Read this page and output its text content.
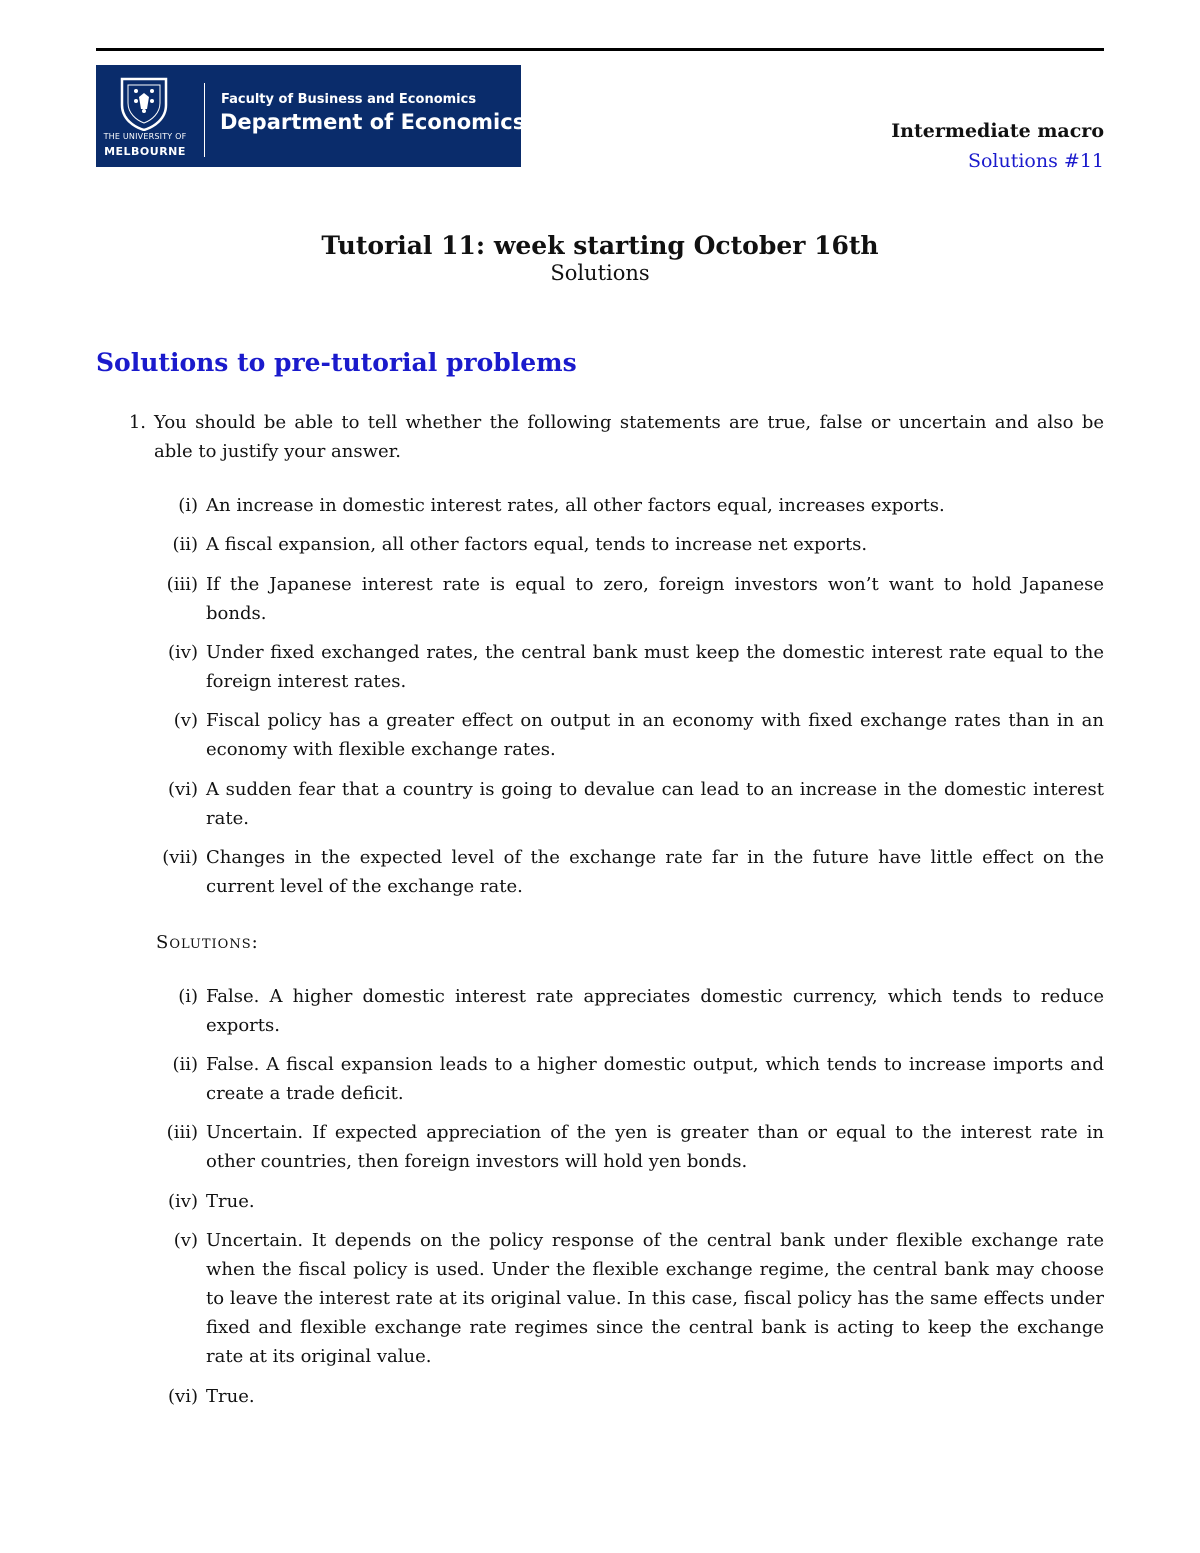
THE UNIVERSITY OF
MELBOURNE
Faculty of Business and Economics
Department of Economics	Intermediate macro
Solutions #11
Tutorial 11: week starting October 16th
Solutions
Solutions to pre-tutorial problems
1. You should be able to tell whether the following statements are true, false or uncertain and also be able to justify your answer.
(i) An increase in domestic interest rates, all other factors equal, increases exports.
(ii) A fiscal expansion, all other factors equal, tends to increase net exports.
(iii) If the Japanese interest rate is equal to zero, foreign investors won’t want to hold Japanese bonds.
(iv) Under fixed exchanged rates, the central bank must keep the domestic interest rate equal to the foreign interest rates.
(v) Fiscal policy has a greater effect on output in an economy with fixed exchange rates than in an economy with flexible exchange rates.
(vi) A sudden fear that a country is going to devalue can lead to an increase in the domestic interest rate.
(vii) Changes in the expected level of the exchange rate far in the future have little effect on the current level of the exchange rate.
Solutions:
(i) False. A higher domestic interest rate appreciates domestic currency, which tends to reduce exports.
(ii) False. A fiscal expansion leads to a higher domestic output, which tends to increase imports and create a trade deficit.
(iii) Uncertain. If expected appreciation of the yen is greater than or equal to the interest rate in other countries, then foreign investors will hold yen bonds.
(iv) True.
(v) Uncertain. It depends on the policy response of the central bank under flexible exchange rate when the fiscal policy is used. Under the flexible exchange regime, the central bank may choose to leave the interest rate at its original value. In this case, fiscal policy has the same effects under fixed and flexible exchange rate regimes since the central bank is acting to keep the exchange rate at its original value.
(vi) True.
